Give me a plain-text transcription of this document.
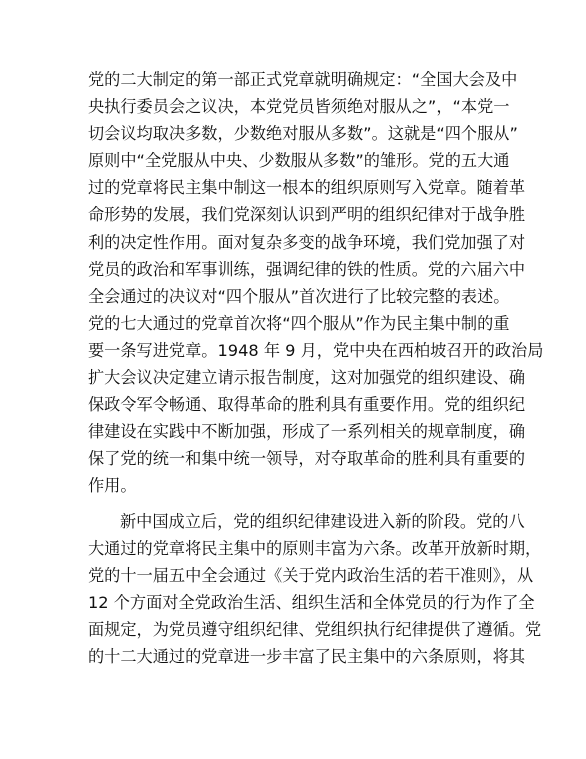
党的二大制定的第一部正式党章就明确规定：“全国大会及中
央执行委员会之议决，本党党员皆须绝对服从之”，“本党一
切会议均取决多数，少数绝对服从多数”。这就是“四个服从”
原则中“全党服从中央、少数服从多数”的雏形。党的五大通
过的党章将民主集中制这一根本的组织原则写入党章。随着革
命形势的发展，我们党深刻认识到严明的组织纪律对于战争胜
利的决定性作用。面对复杂多变的战争环境，我们党加强了对
党员的政治和军事训练，强调纪律的铁的性质。党的六届六中
全会通过的决议对“四个服从”首次进行了比较完整的表述。
党的七大通过的党章首次将“四个服从”作为民主集中制的重
要一条写进党章。1948 年 9 月，党中央在西柏坡召开的政治局
扩大会议决定建立请示报告制度，这对加强党的组织建设、确
保政令军令畅通、取得革命的胜利具有重要作用。党的组织纪
律建设在实践中不断加强，形成了一系列相关的规章制度，确
保了党的统一和集中统一领导，对夺取革命的胜利具有重要的
作用。
新中国成立后，党的组织纪律建设进入新的阶段。党的八
大通过的党章将民主集中的原则丰富为六条。改革开放新时期，
党的十一届五中全会通过《关于党内政治生活的若干准则》，从
12 个方面对全党政治生活、组织生活和全体党员的行为作了全
面规定，为党员遵守组织纪律、党组织执行纪律提供了遵循。党
的十二大通过的党章进一步丰富了民主集中的六条原则，将其
